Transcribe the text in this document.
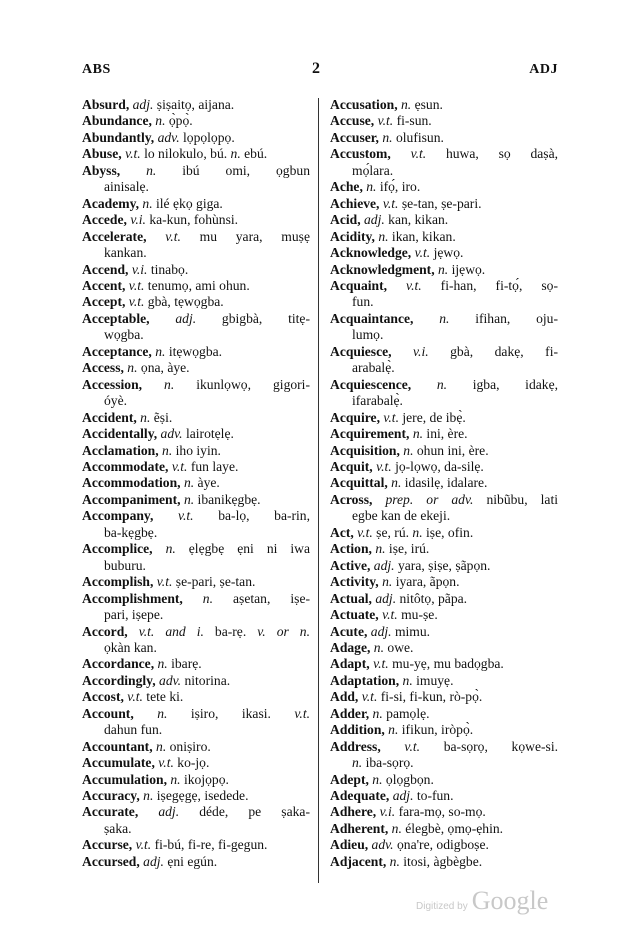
ABS	2	ADJ
Absurd, adj. ṣiṣaitọ, aijana.
Abundance, n. ọ̀pọ̀.
Abundantly, adv. lọpọlọpọ.
Abuse, v.t. lo nilokulo, bú. n. ebú.
Abyss, n. ibú omi, ọgbun
ainisalẹ.
Academy, n. ilé ẹkọ giga.
Accede, v.i. ka-kun, fohùnsi.
Accelerate, v.t. mu yara, muṣẹ
kankan.
Accend, v.i. tinabọ.
Accent, v.t. tenumọ, ami ohun.
Accept, v.t. gbà, tẹwọgba.
Acceptable, adj. gbigbà, titẹ-
wọgba.
Acceptance, n. itẹwọgba.
Access, n. ọna, àye.
Accession, n. ikunlọwọ, gigori-
óyè.
Accident, n. ẽṣi.
Accidentally, adv. lairotẹlẹ.
Acclamation, n. iho iyin.
Accommodate, v.t. fun laye.
Accommodation, n. àye.
Accompaniment, n. ibanikẹgbẹ.
Accompany, v.t. ba-lọ, ba-rin,
ba-kẹgbẹ.
Accomplice, n. ẹlẹgbẹ ẹni ni iwa
buburu.
Accomplish, v.t. ṣe-pari, ṣe-tan.
Accomplishment, n. aṣetan, iṣe-
pari, iṣepe.
Accord, v.t. and i. ba-rẹ. v. or n.
ọkàn kan.
Accordance, n. ibarẹ.
Accordingly, adv. nitorina.
Accost, v.t. tete ki.
Account, n. iṣiro, ikasi. v.t.
dahun fun.
Accountant, n. oniṣiro.
Accumulate, v.t. ko-jọ.
Accumulation, n. ikojọpọ.
Accuracy, n. iṣegẹgẹ, isedede.
Accurate, adj. déde, pe ṣaka-
ṣaka.
Accurse, v.t. fi-bú, fi-re, fi-gegun.
Accursed, adj. ẹni egún.
Accusation, n. ẹsun.
Accuse, v.t. fi-sun.
Accuser, n. olufisun.
Accustom, v.t. huwa, sọ daṣà,
mọ́lara.
Ache, n. ifọ́, iro.
Achieve, v.t. ṣe-tan, ṣe-pari.
Acid, adj. kan, kikan.
Acidity, n. ikan, kikan.
Acknowledge, v.t. jẹwọ.
Acknowledgment, n. ijẹwọ.
Acquaint, v.t. fi-han, fi-tọ́, sọ-
fun.
Acquaintance, n. ifihan, oju-
lumọ.
Acquiesce, v.i. gbà, dakẹ, fi-
arabalẹ̀.
Acquiescence, n. igba, idakẹ,
ifarabalẹ̀.
Acquire, v.t. jere, de ibẹ̀.
Acquirement, n. ini, ère.
Acquisition, n. ohun ini, ère.
Acquit, v.t. jọ-lọwọ, da-silẹ.
Acquittal, n. idasilẹ, idalare.
Across, prep. or adv. nibũbu, lati
egbe kan de ekeji.
Act, v.t. ṣe, rú. n. iṣe, ofin.
Action, n. iṣe, irú.
Active, adj. yara, ṣiṣe, ṣãpọn.
Activity, n. iyara, ãpọn.
Actual, adj. nitôtọ, pãpa.
Actuate, v.t. mu-ṣe.
Acute, adj. mimu.
Adage, n. owe.
Adapt, v.t. mu-yẹ, mu badọgba.
Adaptation, n. imuyẹ.
Add, v.t. fi-si, fi-kun, rò-pọ̀.
Adder, n. pamọlẹ.
Addition, n. ifikun, iròpọ̀.
Address, v.t. ba-sọrọ, kọwe-si.
n. iba-sọrọ.
Adept, n. ọlọgbọn.
Adequate, adj. to-fun.
Adhere, v.i. fara-mọ, so-mọ.
Adherent, n. élegbè, ọmọ-ẹhin.
Adieu, adv. ọna're, odigboṣe.
Adjacent, n. itosi, àgbègbe.
Digitized by Google
